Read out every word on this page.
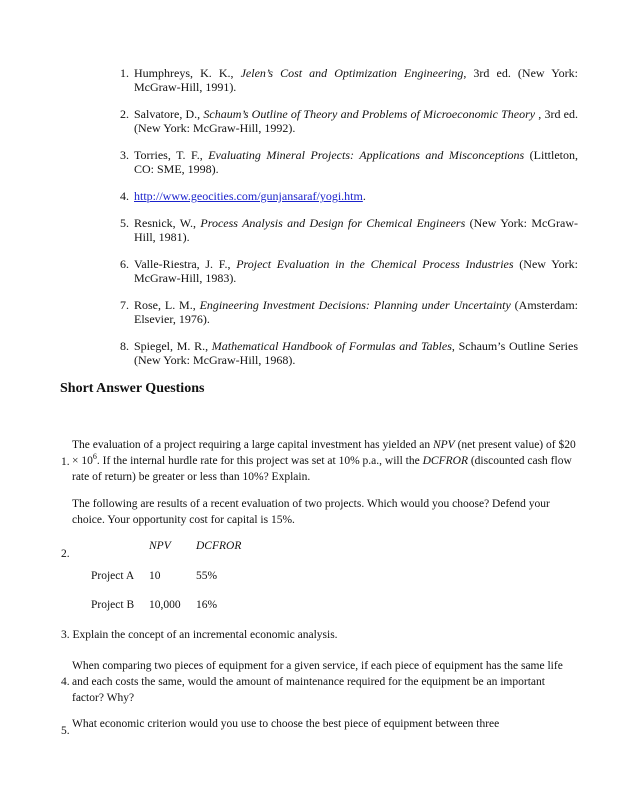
1. Humphreys, K. K., Jelen’s Cost and Optimization Engineering, 3rd ed. (New York: McGraw-Hill, 1991).
2. Salvatore, D., Schaum’s Outline of Theory and Problems of Microeconomic Theory , 3rd ed. (New York: McGraw-Hill, 1992).
3. Torries, T. F., Evaluating Mineral Projects: Applications and Misconceptions (Littleton, CO: SME, 1998).
4. http://www.geocities.com/gunjansaraf/yogi.htm.
5. Resnick, W., Process Analysis and Design for Chemical Engineers (New York: McGraw-Hill, 1981).
6. Valle-Riestra, J. F., Project Evaluation in the Chemical Process Industries (New York: McGraw-Hill, 1983).
7. Rose, L. M., Engineering Investment Decisions: Planning under Uncertainty (Amsterdam: Elsevier, 1976).
8. Spiegel, M. R., Mathematical Handbook of Formulas and Tables, Schaum’s Outline Series (New York: McGraw-Hill, 1968).
Short Answer Questions
1.
The evaluation of a project requiring a large capital investment has yielded an NPV (net present value) of $20 × $10^6$. If the internal hurdle rate for this project was set at 10% p.a., will the DCFROR (discounted cash flow rate of return) be greater or less than 10%? Explain.
The following are results of a recent evaluation of two projects. Which would you choose? Defend your choice. Your opportunity cost for capital is 15%.
2.
NPV DCFROR
Project A 10	55%
Project B 10,000 16%
3. Explain the concept of an incremental economic analysis.
4.
When comparing two pieces of equipment for a given service, if each piece of equipment has the same life and each costs the same, would the amount of maintenance required for the equipment be an important factor? Why?
What economic criterion would you use to choose the best piece of equipment between three
5.
